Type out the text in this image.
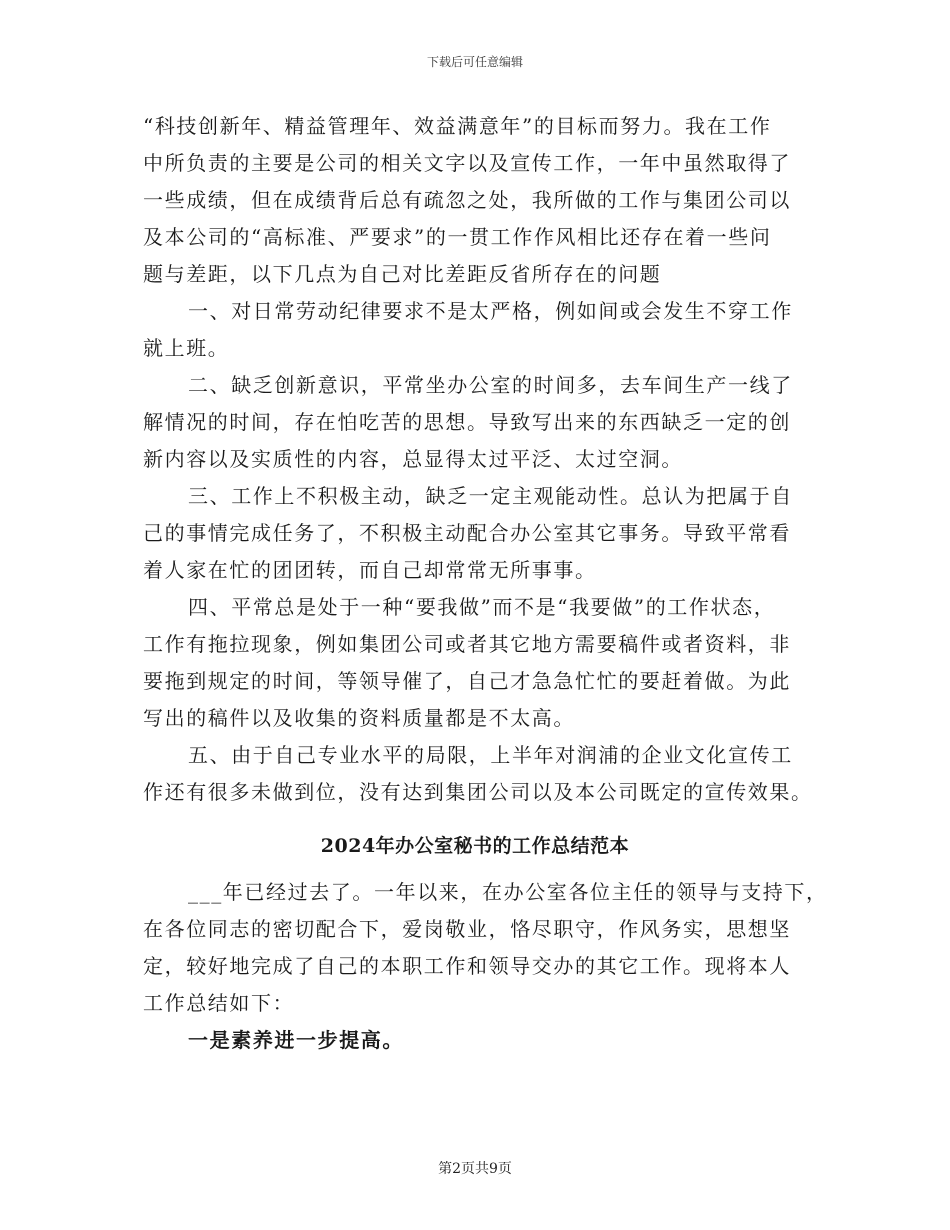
下载后可任意编辑
“科技创新年、精益管理年、效益满意年”的目标而努力。我在工作
中所负责的主要是公司的相关文字以及宣传工作，一年中虽然取得了
一些成绩，但在成绩背后总有疏忽之处，我所做的工作与集团公司以
及本公司的“高标准、严要求”的一贯工作作风相比还存在着一些问
题与差距，以下几点为自己对比差距反省所存在的问题
一、对日常劳动纪律要求不是太严格，例如间或会发生不穿工作
就上班。
二、缺乏创新意识，平常坐办公室的时间多，去车间生产一线了
解情况的时间，存在怕吃苦的思想。导致写出来的东西缺乏一定的创
新内容以及实质性的内容，总显得太过平泛、太过空洞。
三、工作上不积极主动，缺乏一定主观能动性。总认为把属于自
己的事情完成任务了，不积极主动配合办公室其它事务。导致平常看
着人家在忙的团团转，而自己却常常无所事事。
四、平常总是处于一种“要我做”而不是“我要做”的工作状态，
工作有拖拉现象，例如集团公司或者其它地方需要稿件或者资料，非
要拖到规定的时间，等领导催了，自己才急急忙忙的要赶着做。为此
写出的稿件以及收集的资料质量都是不太高。
五、由于自己专业水平的局限，上半年对润浦的企业文化宣传工
作还有很多未做到位，没有达到集团公司以及本公司既定的宣传效果。
2024年办公室秘书的工作总结范本
___年已经过去了。一年以来，在办公室各位主任的领导与支持下，
在各位同志的密切配合下，爱岗敬业，恪尽职守，作风务实，思想坚
定，较好地完成了自己的本职工作和领导交办的其它工作。现将本人
工作总结如下：
一是素养进一步提高。
第2页共9页
